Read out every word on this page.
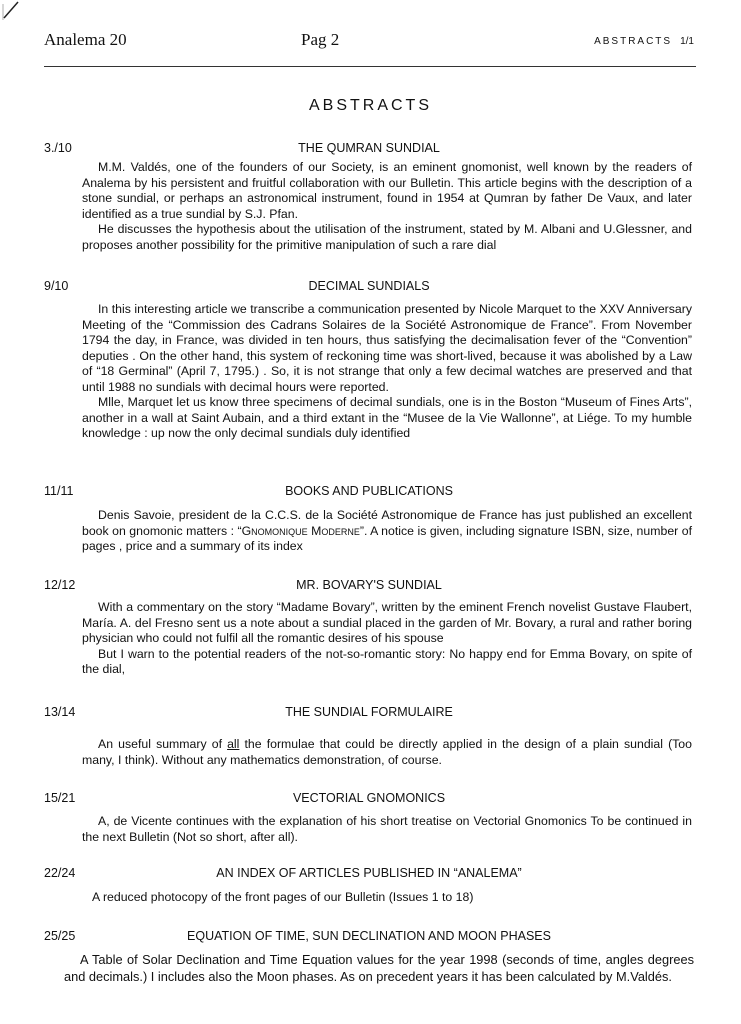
Analema 20	Pag 2	ABSTRACTS 1/1
ABSTRACTS
3./10	THE QUMRAN SUNDIAL

M.M. Valdés, one of the founders of our Society, is an eminent gnomonist, well known by the readers of Analema by his persistent and fruitful collaboration with our Bulletin. This article begins with the description of a stone sundial, or perhaps an astronomical instrument, found in 1954 at Qumran by father De Vaux, and later identified as a true sundial by S.J. Pfan.

He discusses the hypothesis about the utilisation of the instrument, stated by M. Albani and U.Glessner, and proposes another possibility for the primitive manipulation of such a rare dial

9/10	DECIMAL SUNDIALS

In this interesting article we transcribe a communication presented by Nicole Marquet to the XXV Anniversary Meeting of the “Commission des Cadrans Solaires de la Société Astronomique de France”. From November 1794 the day, in France, was divided in ten hours, thus satisfying the decimalisation fever of the “Convention” deputies . On the other hand, this system of reckoning time was short-lived, because it was abolished by a Law of “18 Germinal” (April 7, 1795.) . So, it is not strange that only a few decimal watches are preserved and that until 1988 no sundials with decimal hours were reported.

Mlle, Marquet let us know three specimens of decimal sundials, one is in the Boston “Museum of Fines Arts”, another in a wall at Saint Aubain, and a third extant in the “Musee de la Vie Wallonne”, at Liége. To my humble knowledge : up now the only decimal sundials duly identified

11/11	BOOKS AND PUBLICATIONS

Denis Savoie, president de la C.C.S. de la Société Astronomique de France has just published an excellent book on gnomonic matters : “Gnomonique Moderne”. A notice is given, including signature ISBN, size, number of pages , price and a summary of its index

12/12	MR. BOVARY'S SUNDIAL

With a commentary on the story “Madame Bovary”, written by the eminent French novelist Gustave Flaubert, María. A. del Fresno sent us a note about a sundial placed in the garden of Mr. Bovary, a rural and rather boring physician who could not fulfil all the romantic desires of his spouse

But I warn to the potential readers of the not-so-romantic story: No happy end for Emma Bovary, on spite of the dial,

13/14	THE SUNDIAL FORMULAIRE

An useful summary of all the formulae that could be directly applied in the design of a plain sundial (Too many, I think). Without any mathematics demonstration, of course.

15/21	VECTORIAL GNOMONICS

A, de Vicente continues with the explanation of his short treatise on Vectorial Gnomonics To be continued in the next Bulletin (Not so short, after all).

22/24	AN INDEX OF ARTICLES PUBLISHED IN “ANALEMA”

A reduced photocopy of the front pages of our Bulletin (Issues 1 to 18)

25/25	EQUATION OF TIME, SUN DECLINATION AND MOON PHASES

A Table of Solar Declination and Time Equation values for the year 1998 (seconds of time, angles degrees and decimals.) I includes also the Moon phases. As on precedent years it has been calculated by M.Valdés.
